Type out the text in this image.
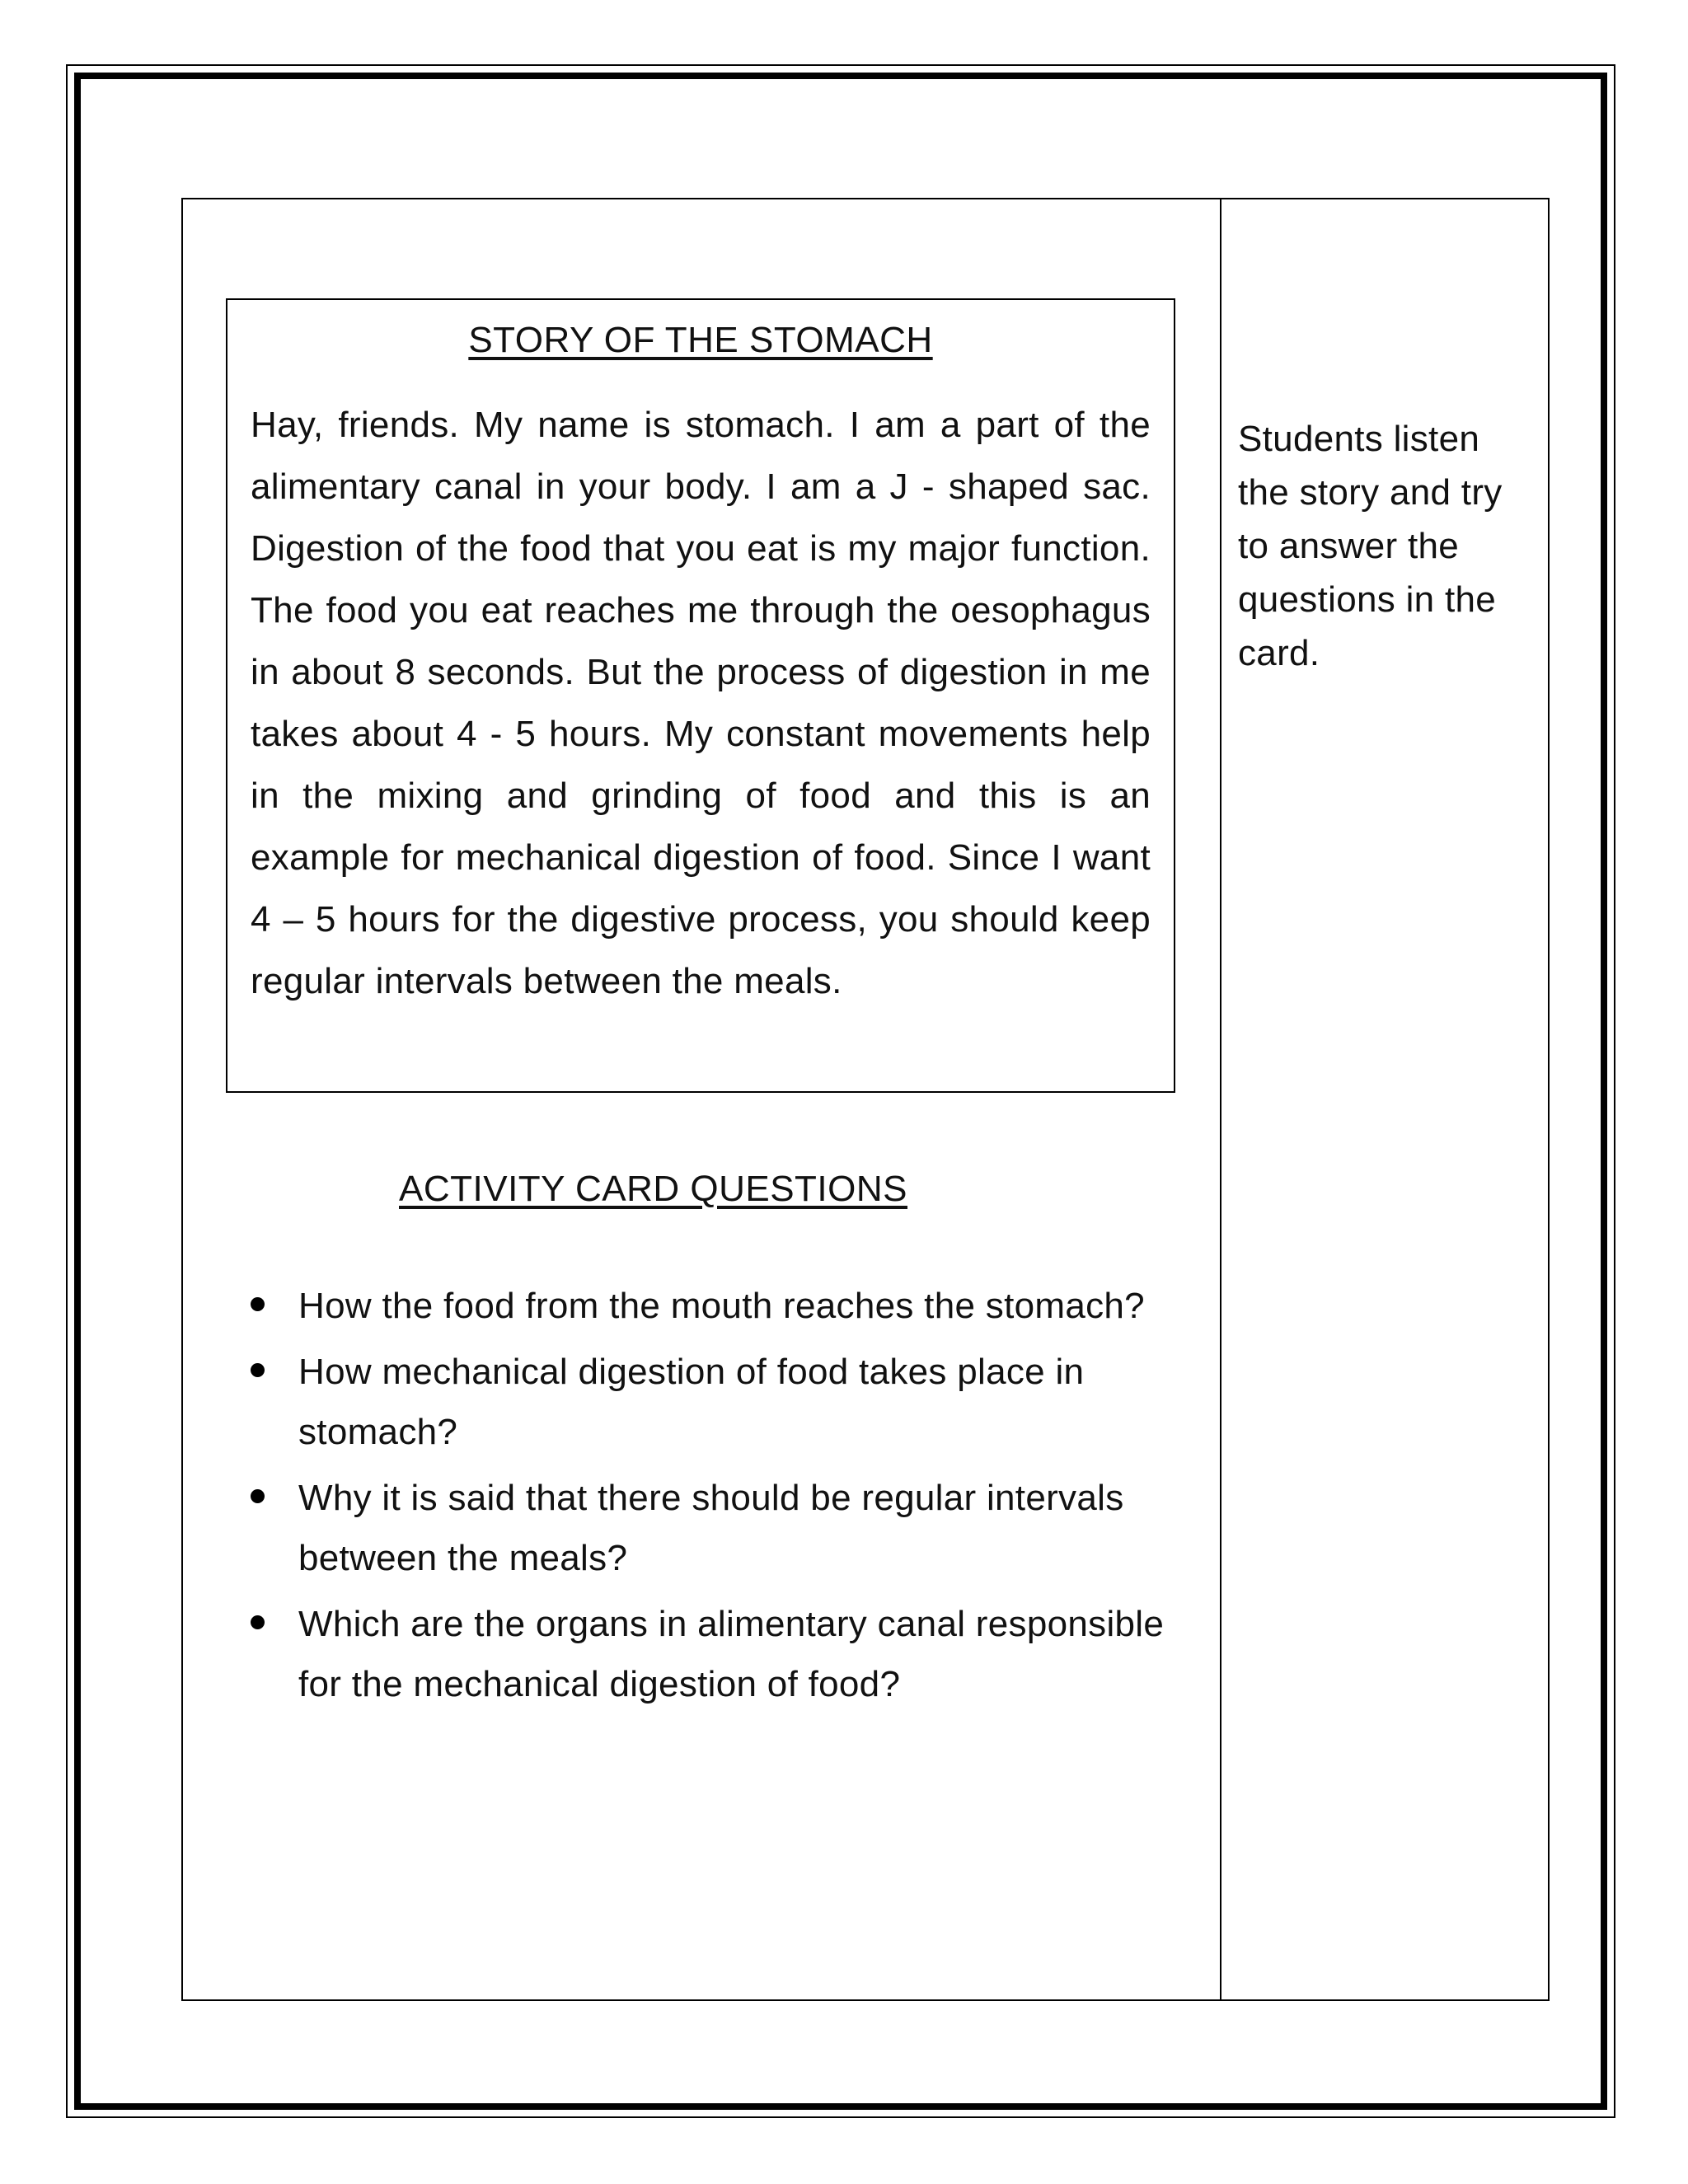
STORY OF THE STOMACH

Hay, friends. My name is stomach. I am a part of the alimentary canal in your body. I am a J - shaped sac. Digestion of the food that you eat is my major function. The food you eat reaches me through the oesophagus in about 8 seconds. But the process of digestion in me takes about 4 - 5 hours. My constant movements help in the mixing and grinding of food and this is an example for mechanical digestion of food. Since I want 4 – 5 hours for the digestive process, you should keep regular intervals between the meals.

ACTIVITY CARD QUESTIONS
How the food from the mouth reaches the stomach?
How mechanical digestion of food takes place in stomach?
Why it is said that there should be regular intervals between the meals?
Which are the organs in alimentary canal responsible for the mechanical digestion of food?

Students listen the story and try to answer the questions in the card.
